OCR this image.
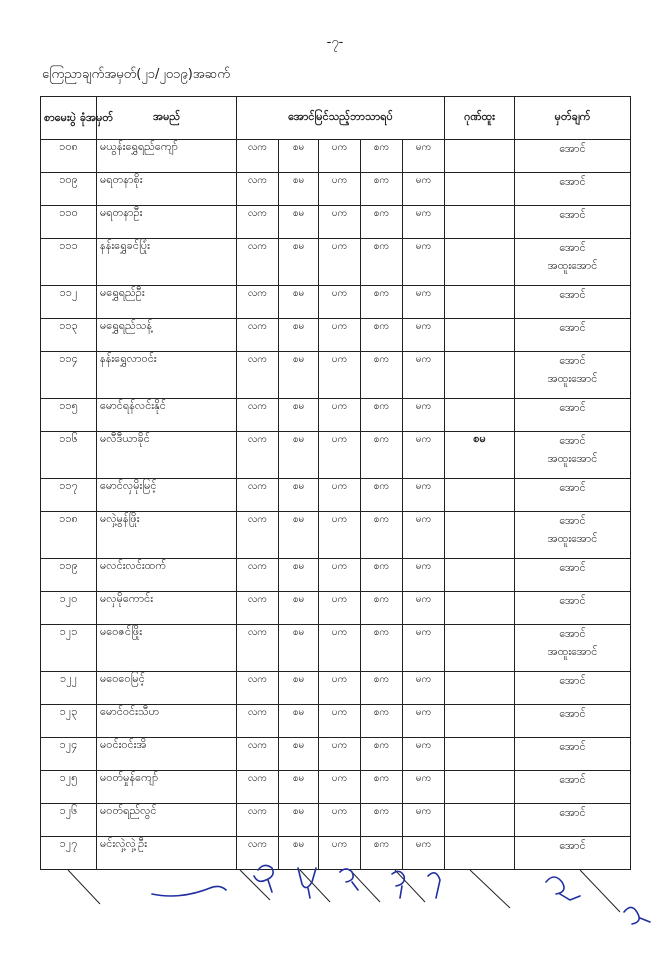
-၇-
ကြေညာချက်အမှတ်(၂၁/၂၀၁၉)အဆက်
စာမေးပွဲ ခုံအမှတ်	အမည်	အောင်မြင်သည့်ဘာသာရပ်					ဂုဏ်ထူး	မှတ်ချက်
၁၀၈	မယွန်းရွှေရည်ကျော်	လက	စမ	ပက	စက	မက		အောင်

၁၀၉	မရတနာစိုး	လက	စမ	ပက	စက	မက		အောင်

၁၁၀	မရတနာဦး	လက	စမ	ပက	စက	မက		အောင်

၁၁၁	နန်းရွှေခင်ပြုံး	လက	စမ	ပက	စက	မက		အောင်
အထူးအောင်

၁၁၂	မရွှေရည်ဦး	လက	စမ	ပက	စက	မက		အောင်

၁၁၃	မရွှေရည်သန့်	လက	စမ	ပက	စက	မက		အောင်

၁၁၄	နန်းရွှေလာဝင်း	လက	စမ	ပက	စက	မက		အောင်
အထူးအောင်

၁၁၅	မောင်ရန်လင်းနိုင်	လက	စမ	ပက	စက	မက		အောင်

၁၁၆	မလီဒီယာခိုင်	လက	စမ	ပက	စက	မက	စမ	အောင်
အထူးအောင်

၁၁၇	မောင်လှမိုးမြင့်	လက	စမ	ပက	စက	မက		အောင်

၁၁၈	မလှဲ့မွန်ဖြိုး	လက	စမ	ပက	စက	မက		အောင်
အထူးအောင်

၁၁၉	မလင်းလင်းထက်	လက	စမ	ပက	စက	မက		အောင်

၁၂၀	မလှမိုကောင်း	လက	စမ	ပက	စက	မက		အောင်

၁၂၁	မဝေဇင်ဖြိုး	လက	စမ	ပက	စက	မက		အောင်
အထူးအောင်

၁၂၂	မဝေဝေမြင့်	လက	စမ	ပက	စက	မက		အောင်

၁၂၃	မောင်ဝင်းသီဟ	လက	စမ	ပက	စက	မက		အောင်

၁၂၄	မဝင်းဝင်းအိ	လက	စမ	ပက	စက	မက		အောင်

၁၂၅	မဝတ်မှုန်ကျော်	လက	စမ	ပက	စက	မက		အောင်

၁၂၆	မဝတ်ရည်လွင်	လက	စမ	ပက	စက	မက		အောင်

၁၂၇	မင်းလှဲ့လှဲ့ဦး	လက	စမ	ပက	စက	မက		အောင်
